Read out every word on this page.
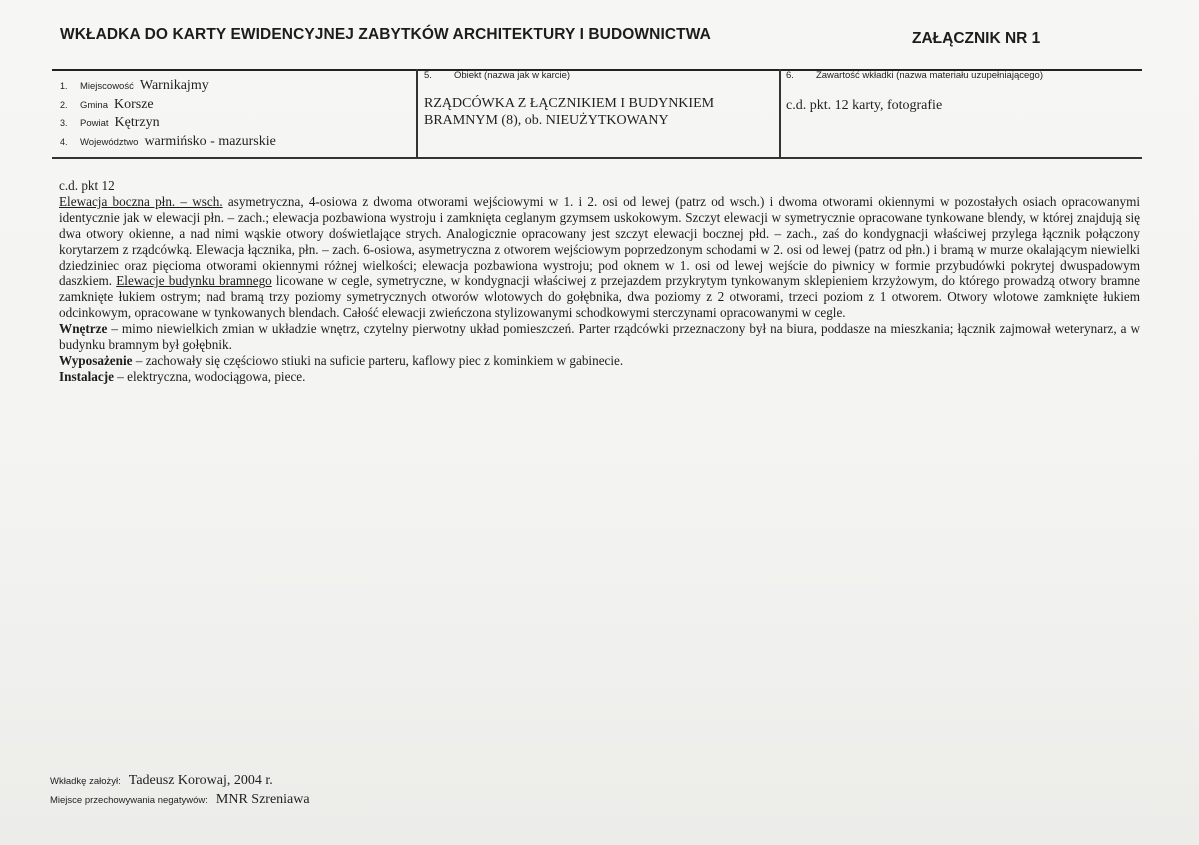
WKŁADKA DO KARTY EWIDENCYJNEJ ZABYTKÓW ARCHITEKTURY I BUDOWNICTWA	ZAŁĄCZNIK NR 1
1.	Miejscowość Warnikajmy
2.	Gmina Korsze
3.	Powiat Kętrzyn
4.	Województwo warmińsko - mazurskie
5. Obiekt (nazwa jak w karcie)
RZĄDCÓWKA Z ŁĄCZNIKIEM I BUDYNKIEM BRAMNYM (8), ob. NIEUŻYTKOWANY
6. Zawartość wkładki (nazwa materiału uzupełniającego)
c.d. pkt. 12 karty, fotografie

c.d. pkt 12

Elewacja boczna płn. – wsch. asymetryczna, 4-osiowa z dwoma otworami wejściowymi w 1. i 2. osi od lewej (patrz od wsch.) i dwoma otworami okiennymi w pozostałych osiach opracowanymi identycznie jak w elewacji płn. – zach.; elewacja pozbawiona wystroju i zamknięta ceglanym gzymsem uskokowym. Szczyt elewacji w symetrycznie opracowane tynkowane blendy, w której znajdują się dwa otwory okienne, a nad nimi wąskie otwory doświetlające strych. Analogicznie opracowany jest szczyt elewacji bocznej płd. – zach., zaś do kondygnacji właściwej przylega łącznik połączony korytarzem z rządcówką. Elewacja łącznika, płn. – zach. 6-osiowa, asymetryczna z otworem wejściowym poprzedzonym schodami w 2. osi od lewej (patrz od płn.) i bramą w murze okalającym niewielki dziedziniec oraz pięcioma otworami okiennymi różnej wielkości; elewacja pozbawiona wystroju; pod oknem w 1. osi od lewej wejście do piwnicy w formie przybudówki pokrytej dwuspadowym daszkiem. Elewacje budynku bramnego licowane w cegle, symetryczne, w kondygnacji właściwej z przejazdem przykrytym tynkowanym sklepieniem krzyżowym, do którego prowadzą otwory bramne zamknięte łukiem ostrym; nad bramą trzy poziomy symetrycznych otworów wlotowych do gołębnika, dwa poziomy z 2 otworami, trzeci poziom z 1 otworem. Otwory wlotowe zamknięte łukiem odcinkowym, opracowane w tynkowanych blendach. Całość elewacji zwieńczona stylizowanymi schodkowymi sterczynami opracowanymi w cegle.

Wnętrze – mimo niewielkich zmian w układzie wnętrz, czytelny pierwotny układ pomieszczeń. Parter rządcówki przeznaczony był na biura, poddasze na mieszkania; łącznik zajmował weterynarz, a w budynku bramnym był gołębnik.

Wyposażenie – zachowały się częściowo stiuki na suficie parteru, kaflowy piec z kominkiem w gabinecie.

Instalacje – elektryczna, wodociągowa, piece.

Wkładkę założył: Tadeusz Korowaj, 2004 r.
Miejsce przechowywania negatywów: MNR Szreniawa
